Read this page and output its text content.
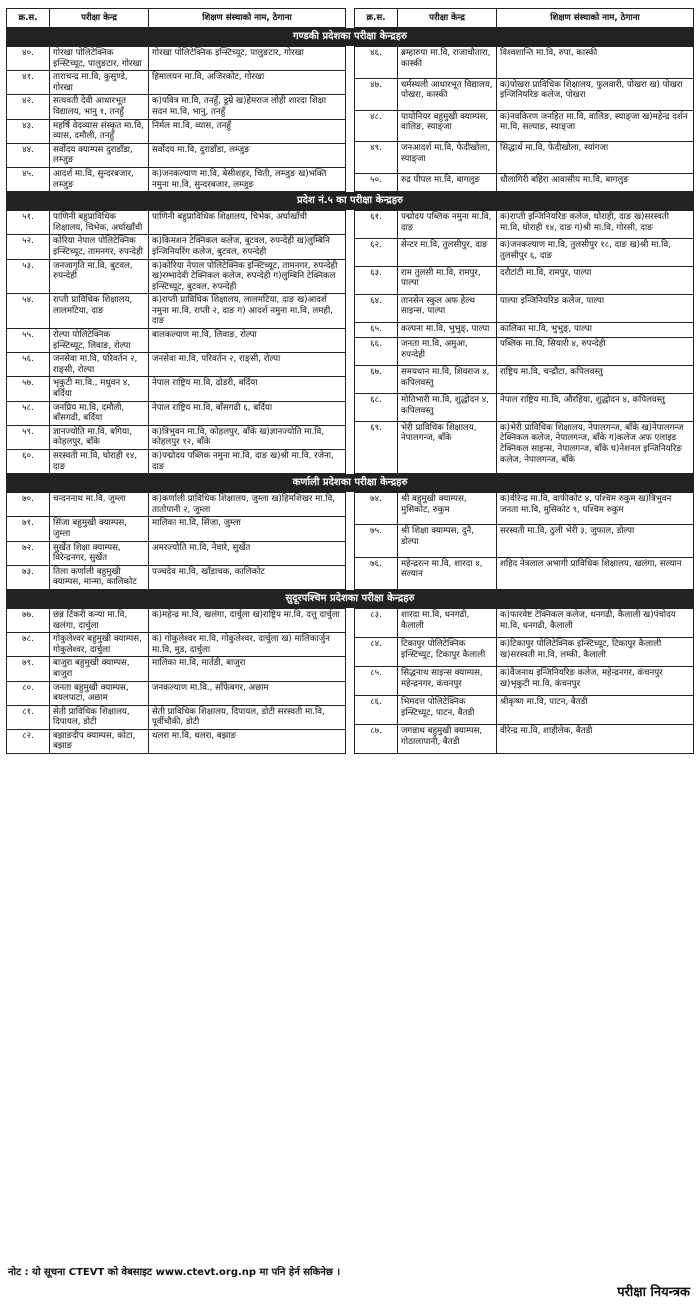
क्र.स.	परीक्षा केन्द्र	शिक्षण संस्थाको नाम, ठेगाना	क्र.स.	परीक्षा केन्द्र	शिक्षण संस्थाको नाम, ठेगाना
गण्डकी प्रदेशका परीक्षा केन्द्रहरु
४०.	गोरखा पोलिटेक्निक इन्स्टिच्यूट, पालुङटार, गोरखा	गोरखा पोलिटेक्निक इन्स्टिच्यूट, पालुङटार, गोरखा
४१.	ताराचन्द्र मा.वि, कुसुण्डे, गोरखा	हिमालयन मा.वि, अजिरकोट, गोरखा
४२.	सत्यवती देवी आधारभूत विद्यालय, भानु १, तनहुँ	क)पवित्र मा.वि, तनहुँ, डुम्रे ख)हेमराज लोही शारदा शिक्षा सदन मा.वि, भानु, तनहुँ
४३.	महर्षि वेदव्यास संस्कृत मा.वि, व्यास, दमौली, तनहुँ	निर्मल मा.वि, व्यास, तनहुँ
४४.	सर्वोदय क्याम्पस दुराडाँडा, लम्जुङ	सर्वोदय मा.वि, दुराडाँडा, लम्जुङ
४५.	आदर्श मा.वि, सुन्दरबजार, लम्जुङ	क)जनकल्याण मा.वि, बेसीशहर, चिती, लम्जुङ ख)भक्ति नमुना मा.वि, सुन्दरबजार, लम्जुङ
४६.	ब्रम्हारुपा मा.वि, राजाचौतारा, कास्की	विश्वशान्ति मा.वि, रुपा, कास्की
४७.	धर्मस्थली आधारभूत विद्यालय, पोखरा, कास्की	क)पोखरा प्राविधिक शिक्षालय, फुलवारी, पोखरा ख) पोखरा इन्जिनियरिङ कलेज, पोखरा
४८.	पायोनियर बहुमुखी क्याम्पस, वालिङ, स्याङ्जा	क)नवकिरण जनहित मा.वि, वालिङ, स्याङ्जा ख)महेन्द्र दर्शन मा.वि, सल्याङ, स्याङ्जा
४९.	जनआदर्श मा.वि, फेदीखोला, स्याङ्जा	सिद्धार्थ मा.वि, फेदीखोला, स्यांगजा
५०.	रुद्र पीपल मा.वि, बागलुङ	धौलागिरी बहिरा आवासीय मा.वि, बागलुङ
प्रदेश नं.५ का परीक्षा केन्द्रहरु
५१.	पाणिनी बहुप्राविधिक शिक्षालय, चिभेक, अर्घाखाँची	पाणिनी बहुप्राविधिक शिक्षालय, चिभेक, अर्घाखाँची
५२.	कोरिया नेपाल पोलिटेक्निक इन्स्टिच्यूट, तामनगर, रुपन्देही	क)किमशन टेक्निकल कलेज, बुटवल, रुपन्देही ख)लुम्बिनि इन्जिनियरिंग कलेज, बुटवल, रुपन्देही
५३.	जनजागृति मा.वि, बुटवल, रुपन्देही	क)कोरिया नेपाल पोलिटेक्निक इन्स्टिच्यूट, तामनगर, रुपन्देही ख)रम्भादेवी टेक्निकल कलेज, रुपन्देही ग)लुम्बिनि टेक्निकल इन्स्टिच्यूट, बुटवल, रुपन्देही
५४.	राप्ती प्राविधिक शिक्षालय, लालमटिया, दाङ	क)राप्ती प्राविधिक शिक्षालय, लालमटिया, दाङ ख)आदर्श नमुना मा.वि, राप्ती २, दाङ ग) आदर्श नमुना मा.वि, लमही, दाङ
५५.	रोल्पा पोलिटेक्निक इन्स्टिच्यूट, लिवाङ, रोल्पा	बालकल्याण मा.वि, लिवाङ, रोल्पा
५६.	जनसेवा मा.वि, परिवर्तन २, राङ्सी, रोल्पा	जनसेवा मा.वि, परिवर्तन २, राङ्सी, रोल्पा
५७.	भृकुटी मा.वि., मधुवन ४, बर्दिया	नेपाल राष्ट्रिय मा.वि, ढोडरी, बर्दिया
५८.	जनप्रिय मा.वि, दमौली, बाँसगढी, बर्दिया	नेपाल राष्ट्रिय मा.वि, बाँसगढी ६, बर्दिया
५९.	ज्ञानज्योति मा.वि, बगिया, कोहलपुर, बाँके	क)त्रिभुवन मा.वि, कोहलपुर, बाँके ख)ज्ञानज्योति मा.वि, कोहलपुर १२, बाँके
६०.	सरस्वती मा.वि, घोराही १४, दाङ	क)पद्मोदय पब्लिक नमुना मा.वि, दाङ ख)श्री मा.वि, रजेना, दाङ
६१.	पद्मोदय पब्लिक नमुना मा.वि, दाङ	क)राप्ती इन्जिनियरिङ कलेज, घोराही, दाङ ख)सरस्वती मा.वि, घोराही १४, दाङ ग)श्री मा.वि, गोरसी, दाङ
६२.	सेन्टर मा.वि, तुलसीपुर, दाङ	क)जनकल्याण मा.वि, तुलसीपुर १८, दाङ ख)श्री मा.वि, तुलसीपुर ६, दाङ
६३.	राम तुलसी मा.वि, रामपुर, पाल्पा	दरौटांटी मा.वि, रामपुर, पाल्पा
६४.	तानसेन स्कुल अफ हेल्थ साइन्स, पाल्पा	पाल्पा इन्जिनियरिङ कलेज, पाल्पा
६५.	कल्पना मा.वि, भुभुङ्, पाल्पा	कालिका मा.वि, भुभुङ्, पाल्पा
६६.	जनता मा.वि, अमुआ, रुपन्देही	पब्लिक मा.वि, सियारी ४, रुपन्देही
६७.	समयधान मा.वि, शिवराज ४, कपिलवस्तु	राष्ट्रिय मा.वि, चन्द्रौटा, कपिलवस्तु
६८.	मोतिभारी मा.वि, शुद्धोदन ४, कपिलवस्तु	नेपाल राष्ट्रिय मा.वि, औरहिया, शुद्धोदन ४, कपिलवस्तु
६९.	भेरी प्राविधिक शिक्षालय, नेपालगन्ज, बाँके	क)भेरी प्राविधिक शिक्षालय, नेपालगन्ज, बाँके ख)नेपालगन्ज टेक्निकल कलेज, नेपालगन्ज, बाँके ग)कलेज अफ एलाइड टेक्निकल साइन्स, नेपालगन्ज, बाँके घ)नेशनल इन्जिनियरिङ कलेज, नेपालगन्ज, बाँके
कर्णाली प्रदेशका परीक्षा केन्द्रहरु
७०.	चन्दननाथ मा.वि, जुम्ला	क)कर्णाली प्राविधिक शिक्षालय, जुम्ला ख)हिमशिखर मा.वि, तातोपानी २, जुम्ला
७१.	सिंजा बहुमुखी क्याम्पस, जुम्ला	मालिका मा.वि, सिंजा, जुम्ला
७२.	सुर्खेत शिक्षा क्याम्पस, विरेन्द्रनगर, सुर्खेत	अमरज्योति मा.वि, नेवारे, सुर्खेत
७३.	तिला कर्णाली बहुमुखी क्याम्पस, मान्मा, कालिकोट	पञ्चदेव मा.वि, खाँडाचक, कालिकोट
७४.	श्री बहुमुखी क्याम्पस, मुसिकोट, रुकुम	क)वीरेन्द्र मा.वि, वाफीकोट ४, पश्चिम रुकुम ख)त्रिभुवन जनता मा.वि, मुसिकोट ९, पश्चिम रुकुम
७५.	श्री शिक्षा क्याम्पस, दुनै, डोल्पा	सरस्वती मा.वि, ठुली भेरी ३, जुफाल, डोल्पा
७६.	महेन्द्ररत्न मा.वि, शारदा ४, सल्यान	शहिद नेत्रलाल अभागी प्राविधिक शिक्षालय, खलंगा, सल्यान
सुदूरपश्चिम प्रदेशका परीक्षा केन्द्रहरु
७७.	छन्न टिंकरी कन्या मा.वि, खलंगा, दार्चुला	क)महेन्द्र मा.वि, खलंगा, दार्चुला ख)राष्ट्रिय मा.वि, दत्तु दार्चुला
७८.	गोकुलेश्वर बहुमुखी क्याम्पस, गोकुलेश्वर, दार्चुला	क) गोकुलेश्वर मा.वि, गोकुलेश्वर, दार्चुला ख) मालिकार्जुन मा.वि, मुड, दार्चुला
७९.	बाजुरा बहुमुखी क्याम्पस, बाजुरा	मालिका मा.वि, मार्तडी, बाजुरा
८०.	जनता बहुमुखी क्याम्पस, बयलपाटा, अछाम	जनकल्याण मा.वि., साँफेबगर, अछाम
८१.	सेती प्राविधिक शिक्षालय, दिपायल, डोटी	सेती प्राविधिक शिक्षालय, दिपायल, डोटी सरस्वती मा.वि, पूर्वीचौकी, डोटी
८२.	बझाङदीप क्याम्पस, कोटा, बझाङ	थलरा मा.वि, थलरा, बझाङ
८३.	शारदा मा.वि, धनगढी, कैलाली	क)फारवेष्ट टेक्निकल कलेज, धनगढी, कैलाली ख)पंचोदय मा.वि, धनगढी, कैलाली
८४.	टिकापुर पोलिटेक्निक इन्स्टिच्यूट, टिकापुर कैलाली	क)टिकापुर पोलिटेक्निक इन्स्टिच्यूट, टिकापुर कैलाली ख)सरस्वती मा.वि, लम्की, कैलाली
८५.	सिद्धनाथ साइन्स क्याम्पस, महेन्द्रनगर, कंचनपुर	क)वैजनाथ इन्जिनियरिङ कलेज, महेन्द्रनगर, कंचनपुर ख)भृकुटी मा.वि, कंचनपुर
८६.	भिमदत्त पोलिटेक्निक इन्स्टिच्यूट, पाटन, बैतडी	श्रीकृष्ण मा.वि, पाटन, बैतडी
८७.	जगन्नाथ बहुमुखी क्याम्पस, गोठालापानी, बैतडी	वीरेन्द्र मा.वि, शाहीलेक, बैतडी
नोट : यो सूचना CTEVT को वेबसाइट www.ctevt.org.np मा पनि हेर्न सकिनेछ ।
परीक्षा नियन्त्रक
